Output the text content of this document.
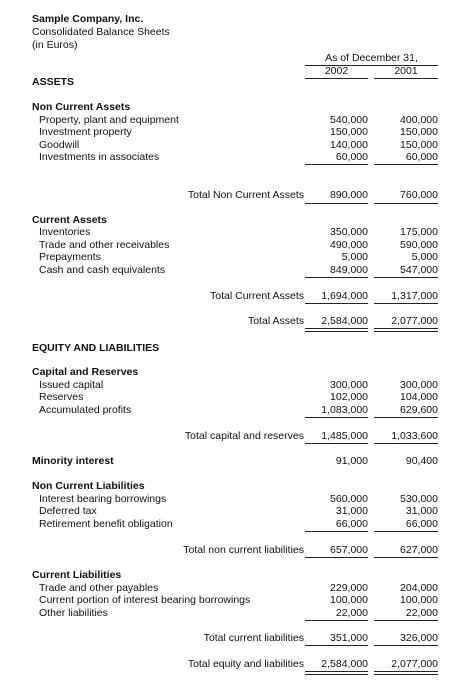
Sample Company, Inc.
Consolidated Balance Sheets
(in Euros)
As of December 31,
2002	2001
ASSETS
Non Current Assets
Property, plant and equipment	540,000	400,000
Investment property	150,000	150,000
Goodwill	140,000	150,000
Investments in associates	60,000	60,000
Total Non Current Assets	890,000	760,000
Current Assets
Inventories	350,000	175,000
Trade and other receivables	490,000	590,000
Prepayments	5,000	5,000
Cash and cash equivalents	849,000	547,000
Total Current Assets	1,694,000	1,317,000
Total Assets	2,584,000	2,077,000
EQUITY AND LIABILITIES
Capital and Reserves
Issued capital	300,000	300,000
Reserves	102,000	104,000
Accumulated profits	1,083,000	629,600
Total capital and reserves	1,485,000	1,033,600
Minority interest	91,000	90,400
Non Current Liabilities
Interest bearing borrowings	560,000	530,000
Deferred tax	31,000	31,000
Retirement benefit obligation	66,000	66,000
Total non current liabilities	657,000	627,000
Current Liabilities
Trade and other payables	229,000	204,000
Current portion of interest bearing borrowings	100,000	100,000
Other liabilities	22,000	22,000
Total current liabilities	351,000	326,000
Total equity and liabilities	2,584,000	2,077,000
